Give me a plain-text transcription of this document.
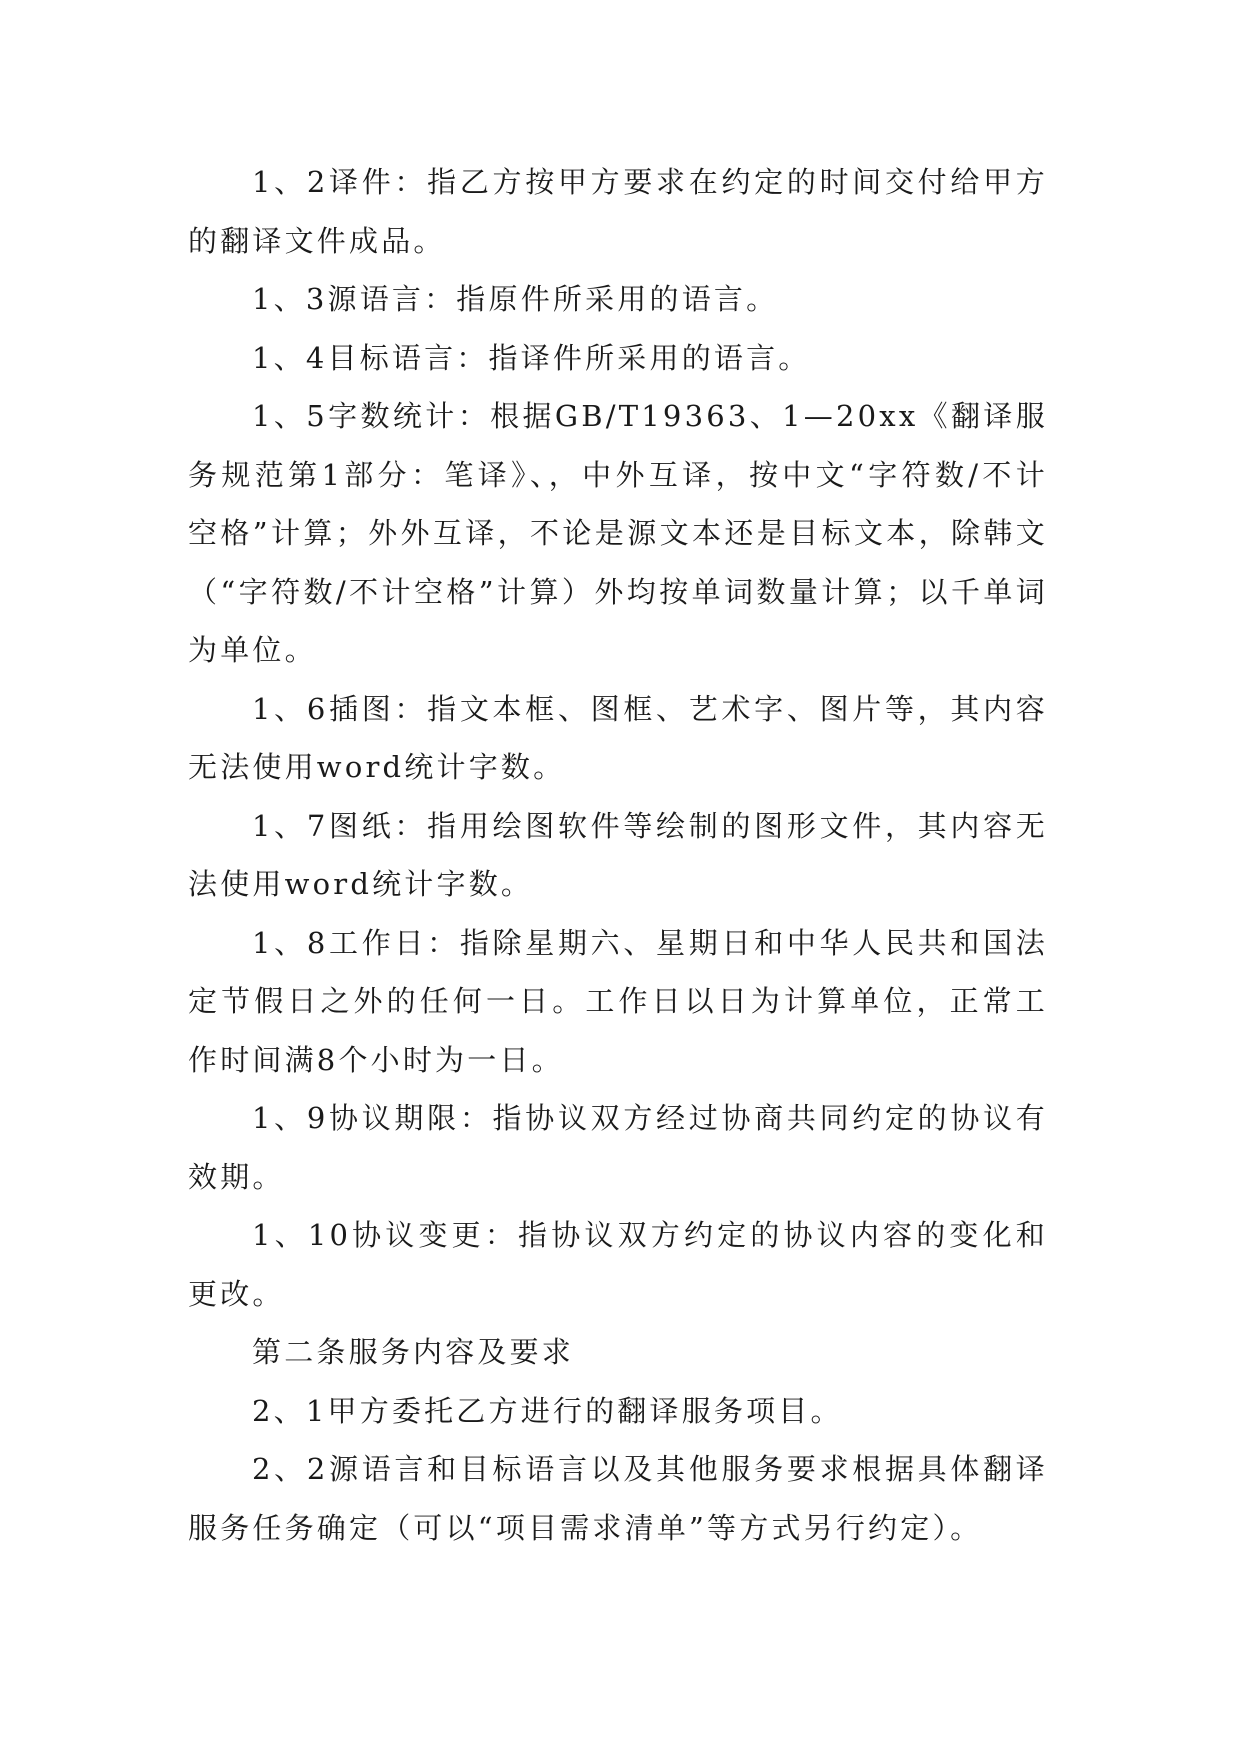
1、2译件：指乙方按甲方要求在约定的时间交付给甲方的翻译文件成品。

1、3源语言：指原件所采用的语言。

1、4目标语言：指译件所采用的语言。

1、5字数统计：根据GB/T19363、1—20xx《翻译服务规范第1部分：笔译》、，中外互译，按中文“字符数/不计空格”计算；外外互译，不论是源文本还是目标文本，除韩文（“字符数/不计空格”计算）外均按单词数量计算；以千单词为单位。

1、6插图：指文本框、图框、艺术字、图片等，其内容无法使用word统计字数。

1、7图纸：指用绘图软件等绘制的图形文件，其内容无法使用word统计字数。

1、8工作日：指除星期六、星期日和中华人民共和国法定节假日之外的任何一日。工作日以日为计算单位，正常工作时间满8个小时为一日。

1、9协议期限：指协议双方经过协商共同约定的协议有效期。

1、10协议变更：指协议双方约定的协议内容的变化和更改。

第二条服务内容及要求

2、1甲方委托乙方进行的翻译服务项目。

2、2源语言和目标语言以及其他服务要求根据具体翻译服务任务确定（可以“项目需求清单”等方式另行约定）。
